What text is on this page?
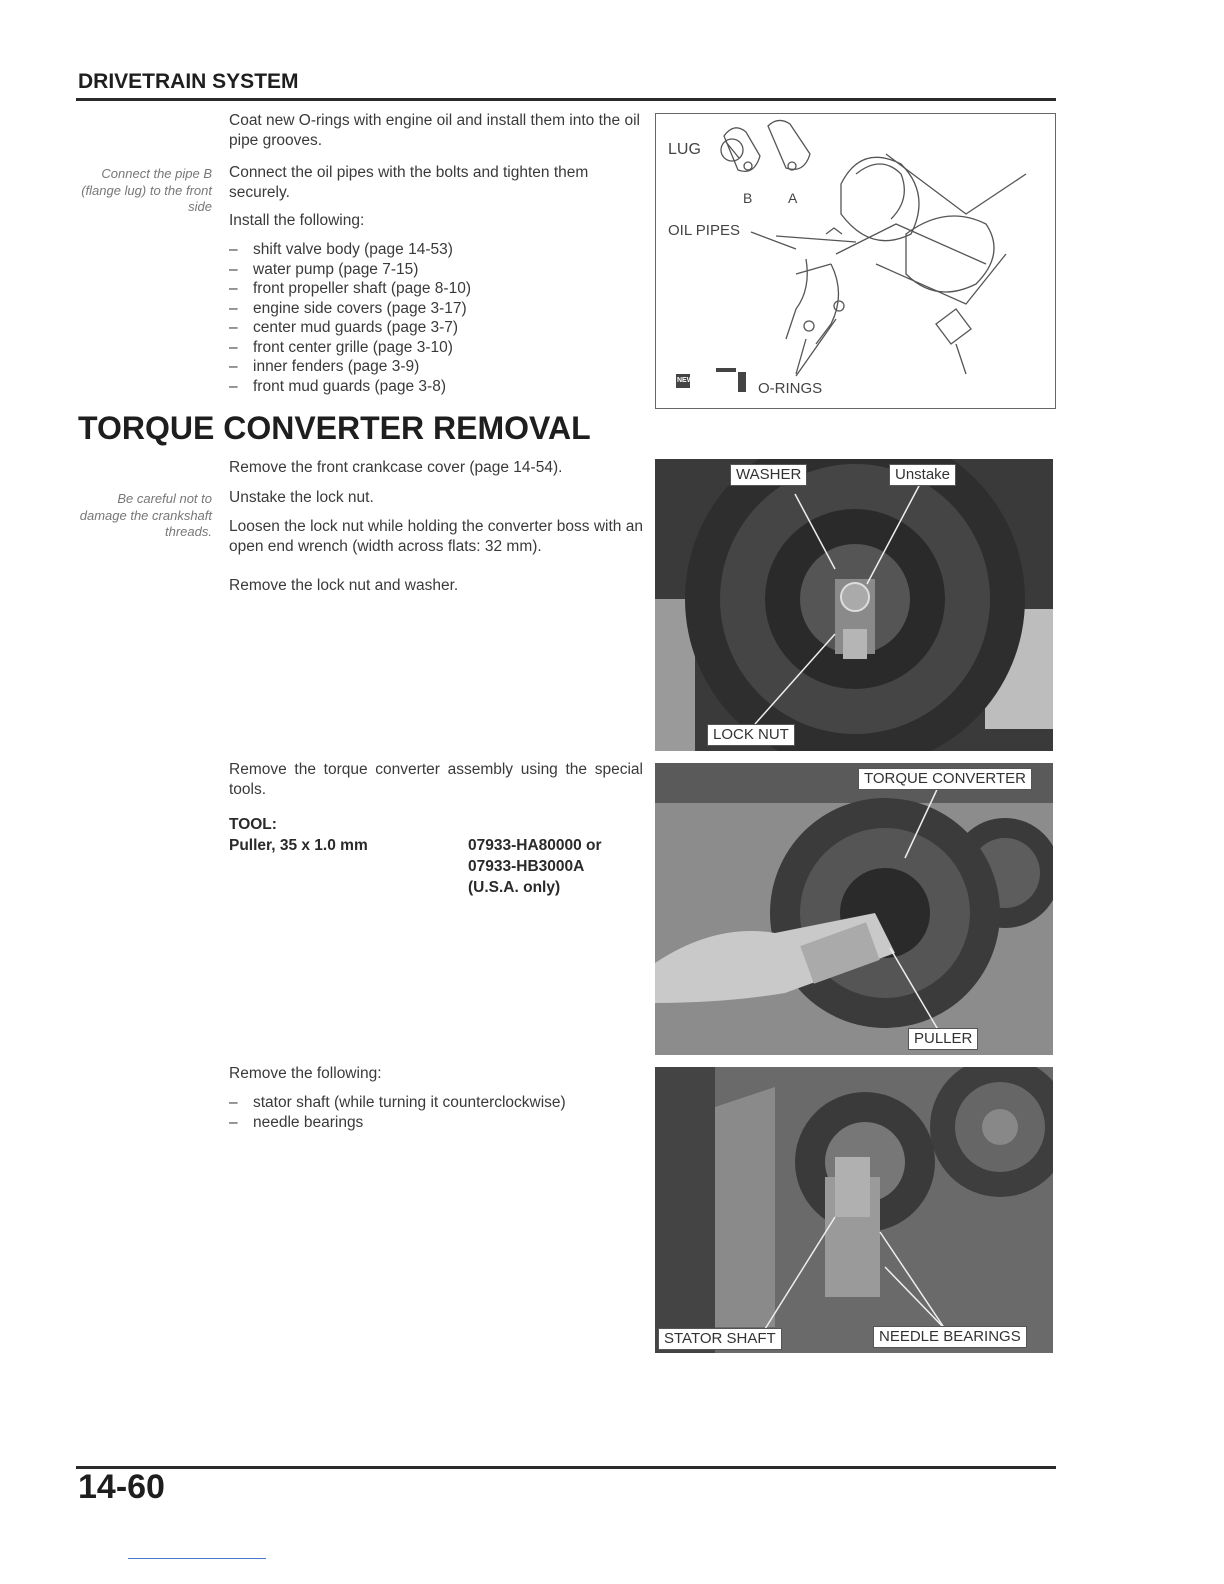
DRIVETRAIN SYSTEM
Coat new O-rings with engine oil and install them into the oil pipe grooves.
Connect the pipe B (flange lug) to the front side
Connect the oil pipes with the bolts and tighten them securely.
Install the following:
– shift valve body (page 14-53)
– water pump (page 7-15)
– front propeller shaft (page 8-10)
– engine side covers (page 3-17)
– center mud guards (page 3-7)
– front center grille (page 3-10)
– inner fenders (page 3-9)
– front mud guards (page 3-8)
LUG
B	A
OIL PIPES
O-RINGS
NEW
TORQUE CONVERTER REMOVAL
Remove the front crankcase cover (page 14-54).
Be careful not to damage the crankshaft threads.
Unstake the lock nut.
Loosen the lock nut while holding the converter boss with an open end wrench (width across flats: 32 mm).
Remove the lock nut and washer.
Remove the torque converter assembly using the special tools.
TOOL:
Puller, 35 x 1.0 mm	07933-HA80000 or
07933-HB3000A
(U.S.A. only)
Remove the following:
– stator shaft (while turning it counterclockwise)
– needle bearings
WASHER	Unstake
LOCK NUT
TORQUE CONVERTER
PULLER
STATOR SHAFT	NEEDLE BEARINGS
14-60
